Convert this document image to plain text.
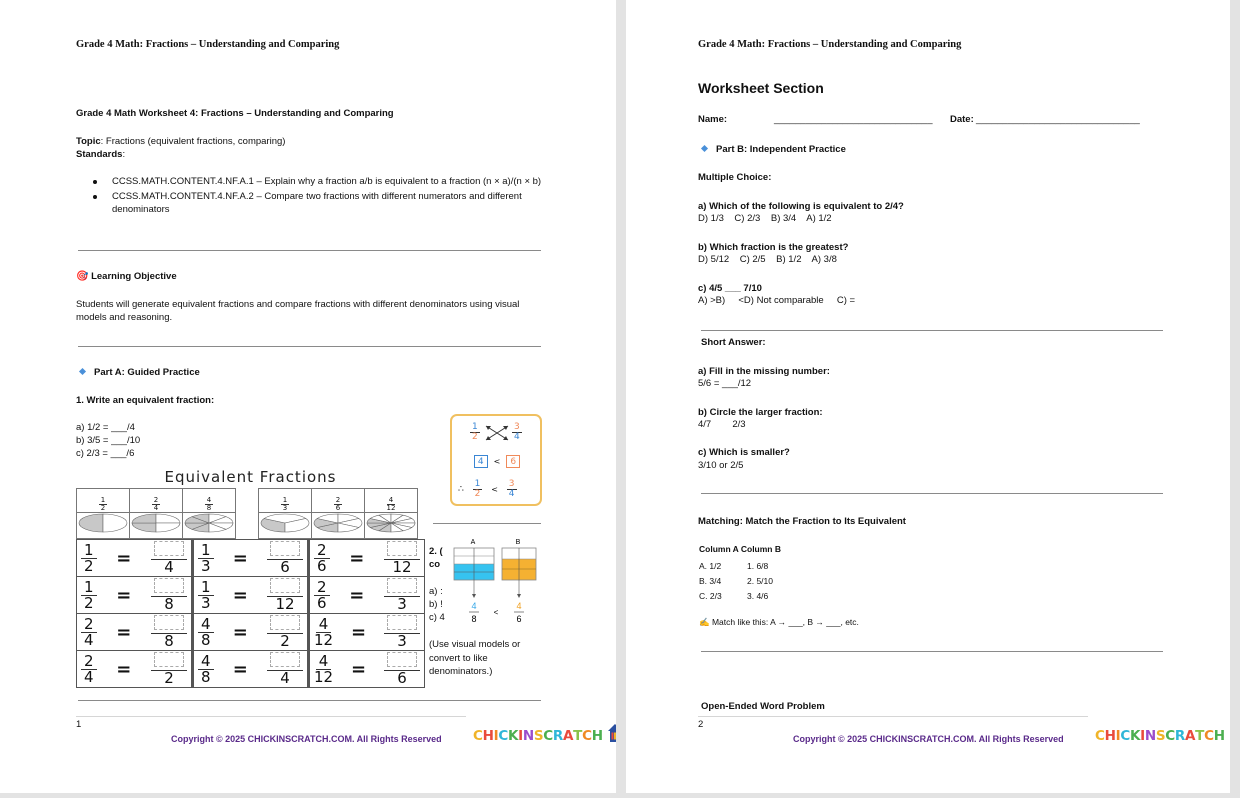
Grade 4 Math: Fractions – Understanding and Comparing
Grade 4 Math Worksheet 4: Fractions – Understanding and Comparing
Topic: Fractions (equivalent fractions, comparing)
Standards:
CCSS.MATH.CONTENT.4.NF.A.1 – Explain why a fraction a/b is equivalent to a fraction (n × a)/(n × b)
CCSS.MATH.CONTENT.4.NF.A.2 – Compare two fractions with different numerators and different denominators
🎯 Learning Objective
Students will generate equivalent fractions and compare fractions with different denominators using visual models and reasoning.
Part A: Guided Practice
1. Write an equivalent fraction:
a) 1/2 = ___/4
b) 3/5 = ___/10
c) 2/3 = ___/6
$\frac{1}{2}$	$\frac{3}{4}$
4 < 6
∴ $\frac{1}{2} < \frac{3}{4}$
2. (
co
a) :
b) !
c) 4
A	B
4
8
<
4
6
(Use visual models or convert to like denominators.)
Equivalent Fractions
$\frac{1}{2}$	$\frac{2}{4}$	$\frac{4}{8}$

			$\frac{1}{3}$	$\frac{2}{6}$	$\frac{4}{12}$

$\frac{1}{2} = 4$	$\frac{1}{3} = 6$	$\frac{2}{6} = 12$

$\frac{1}{2} = 8$	$\frac{1}{3} = 12$	$\frac{2}{6} = 3$

$\frac{2}{4} = 8$	$\frac{4}{8} = 2$	$\frac{4}{12} = 3$

$\frac{2}{4} = 2$	$\frac{4}{8} = 4$	$\frac{4}{12} = 6$
1
Copyright © 2025 CHICKINSCRATCH.COM. All Rights Reserved CHICKINSCRATCH
Grade 4 Math: Fractions – Understanding and Comparing
Worksheet Section
Name:	______________________________ Date: _______________________________
Part B: Independent Practice
Multiple Choice:
a) Which of the following is equivalent to 2/4?
D) 1/3    C) 2/3    B) 3/4    A) 1/2
b) Which fraction is the greatest?
D) 5/12    C) 2/5    B) 1/2    A) 3/8
c) 4/5 ___ 7/10
A) >B)     <D) Not comparable     C) =
Short Answer:
a) Fill in the missing number:
5/6 = ___/12
b) Circle the larger fraction:
4/7        2/3
c) Which is smaller?
3/10 or 2/5
Matching: Match the Fraction to Its Equivalent
Column A Column B
A. 1/2	1. 6/8
B. 3/4	2. 5/10
C. 2/3	3. 4/6
✍ Match like this: A → ___, B → ___, etc.
Open-Ended Word Problem
2
Copyright © 2025 CHICKINSCRATCH.COM. All Rights Reserved CHICKINSCRATCH
